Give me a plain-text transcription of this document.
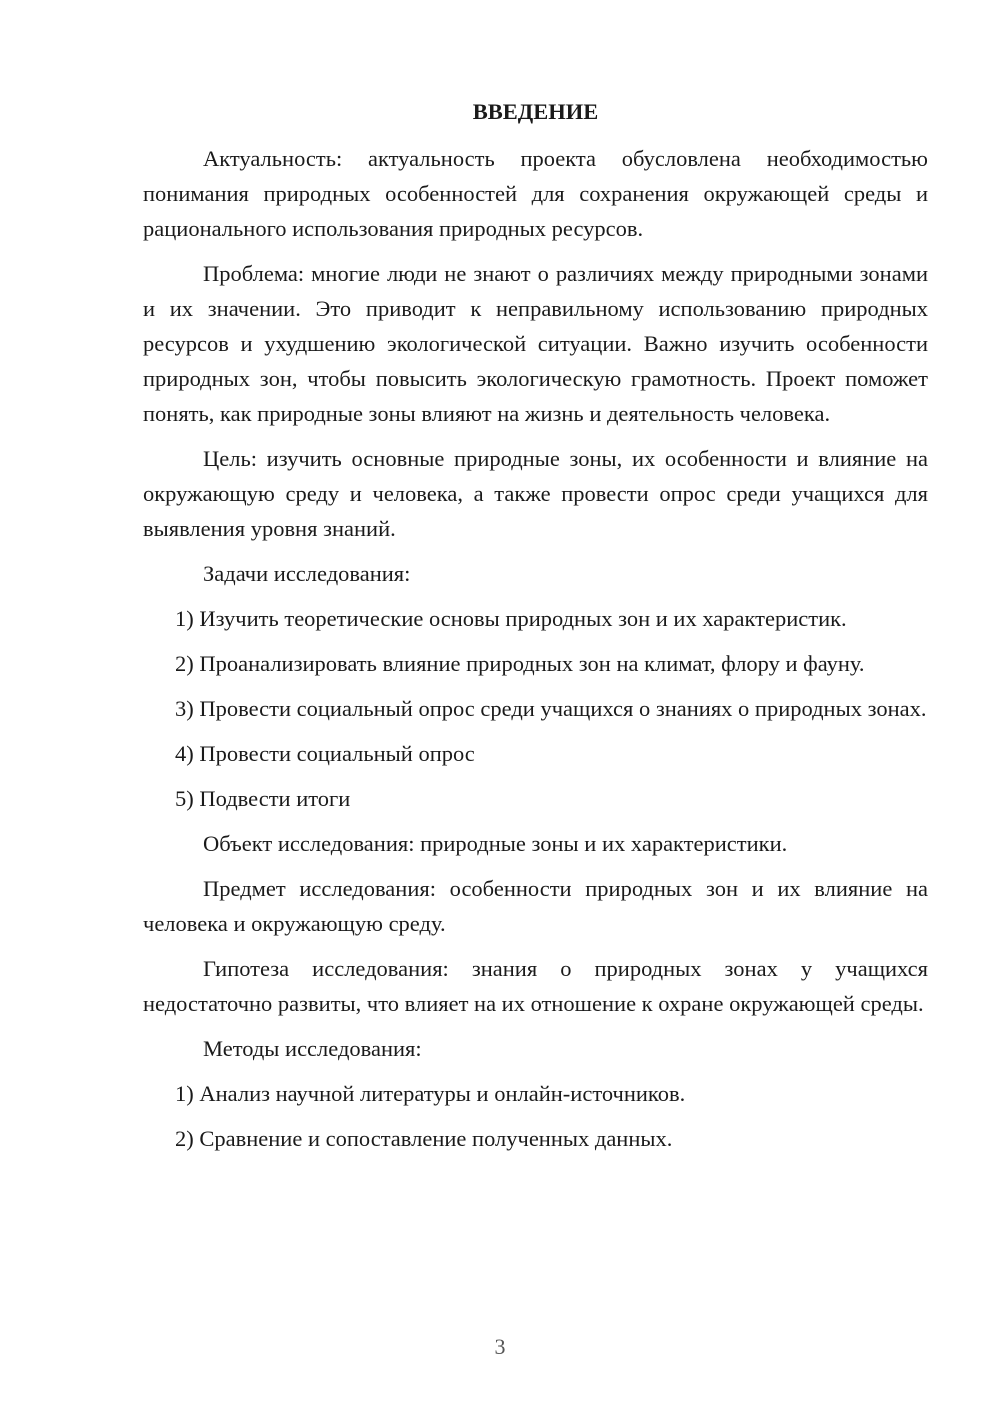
ВВЕДЕНИЕ

Актуальность: актуальность проекта обусловлена необходимостью понимания природных особенностей для сохранения окружающей среды и рационального использования природных ресурсов.

Проблема: многие люди не знают о различиях между природными зонами и их значении. Это приводит к неправильному использованию природных ресурсов и ухудшению экологической ситуации. Важно изучить особенности природных зон, чтобы повысить экологическую грамотность. Проект поможет понять, как природные зоны влияют на жизнь и деятельность человека.

Цель: изучить основные природные зоны, их особенности и влияние на окружающую среду и человека, а также провести опрос среди учащихся для выявления уровня знаний.

Задачи исследования:

1) Изучить теоретические основы природных зон и их характеристик.

2) Проанализировать влияние природных зон на климат, флору и фауну.

3) Провести социальный опрос среди учащихся о знаниях о природных зонах.

4) Провести социальный опрос

5) Подвести итоги

Объект исследования: природные зоны и их характеристики.

Предмет исследования: особенности природных зон и их влияние на человека и окружающую среду.

Гипотеза исследования: знания о природных зонах у учащихся недостаточно развиты, что влияет на их отношение к охране окружающей среды.

Методы исследования:

1) Анализ научной литературы и онлайн-источников.

2) Сравнение и сопоставление полученных данных.

3
